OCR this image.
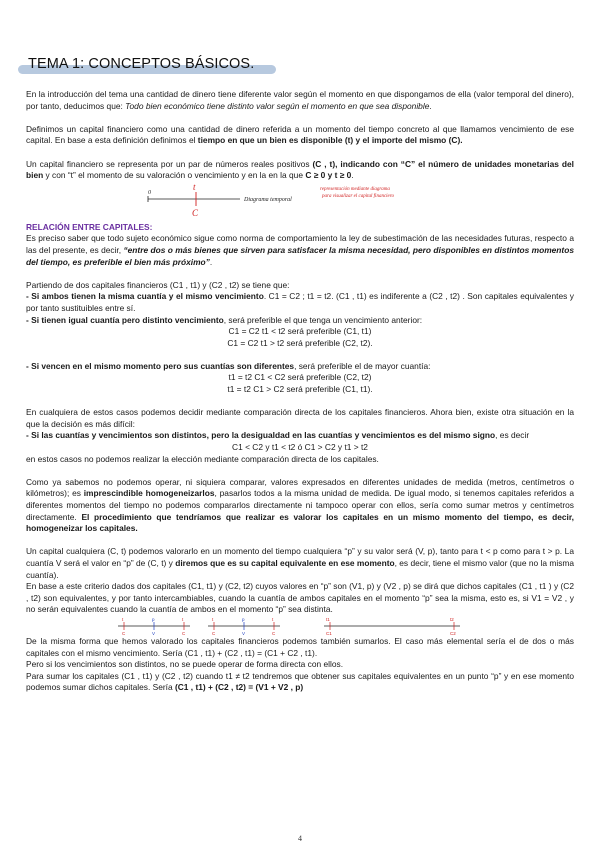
TEMA 1: CONCEPTOS BÁSICOS.

En la introducción del tema una cantidad de dinero tiene diferente valor según el momento en que dispongamos de ella (valor temporal del dinero), por tanto, deducimos que: Todo bien económico tiene distinto valor según el momento en que sea disponible.

Definimos un capital financiero como una cantidad de dinero referida a un momento del tiempo concreto al que llamamos vencimiento de ese capital. En base a esta definición definimos el tiempo en que un bien es disponible (t) y el importe del mismo (C).

Un capital financiero se representa por un par de números reales positivos (C , t), indicando con “C” el número de unidades monetarias del bien y con “t” el momento de su valoración o vencimiento y en la en la que C ≥ 0 y t ≥ 0.

0
t
C
Diagrama temporal
representación mediante diagrama
para visualizar el capital financiero

RELACIÓN ENTRE CAPITALES:

Es preciso saber que todo sujeto económico sigue como norma de comportamiento la ley de subestimación de las necesidades futuras, respecto a las del presente, es decir, “entre dos o más bienes que sirven para satisfacer la misma necesidad, pero disponibles en distintos momentos del tiempo, es preferible el bien más próximo”.

Partiendo de dos capitales financieros (C1 , t1) y (C2 , t2) se tiene que:

- Si ambos tienen la misma cuantía y el mismo vencimiento. C1 = C2 ; t1 = t2. (C1 , t1) es indiferente a (C2 , t2) . Son capitales equivalentes y por tanto sustituibles entre sí.

- Si tienen igual cuantía pero distinto vencimiento, será preferible el que tenga un vencimiento anterior:

C1 = C2 t1 < t2 será preferible (C1, t1)

C1 = C2 t1 > t2 será preferible (C2, t2).

- Si vencen en el mismo momento pero sus cuantías son diferentes, será preferible el de mayor cuantía:

t1 = t2 C1 < C2 será preferible (C2, t2)

t1 = t2 C1 > C2 será preferible (C1, t1).

En cualquiera de estos casos podemos decidir mediante comparación directa de los capitales financieros. Ahora bien, existe otra situación en la que la decisión es más difícil:

- Si las cuantías y vencimientos son distintos, pero la desigualdad en las cuantías y vencimientos es del mismo signo, es decir

C1 < C2 y t1 < t2 ó C1 > C2 y t1 > t2

en estos casos no podemos realizar la elección mediante comparación directa de los capitales.

Como ya sabemos no podemos operar, ni siquiera comparar, valores expresados en diferentes unidades de medida (metros, centímetros o kilómetros); es imprescindible homogeneizarlos, pasarlos todos a la misma unidad de medida. De igual modo, si tenemos capitales referidos a diferentes momentos del tiempo no podemos compararlos directamente ni tampoco operar con ellos, sería como sumar metros y centímetros directamente. El procedimiento que tendríamos que realizar es valorar los capitales en un mismo momento del tiempo, es decir, homogeneizar los capitales.

Un capital cualquiera (C, t) podemos valorarlo en un momento del tiempo cualquiera “p” y su valor será (V, p), tanto para t < p como para t > p. La cuantía V será el valor en “p” de (C, t) y diremos que es su capital equivalente en ese momento, es decir, tiene el mismo valor (que no la misma cuantía).

En base a este criterio dados dos capitales (C1, t1) y (C2, t2) cuyos valores en “p” son (V1, p) y (V2 , p) se dirá que dichos capitales (C1 , t1 ) y (C2 , t2) son equivalentes, y por tanto intercambiables, cuando la cuantía de ambos capitales en el momento “p” sea la misma, esto es, si V1 = V2 , y no serán equivalentes cuando la cuantía de ambos en el momento “p” sea distinta.

t	p	t
C	V	C
t	p	t
C	V	C
t1	t2
C1	C2

De la misma forma que hemos valorado los capitales financieros podemos también sumarlos. El caso más elemental sería el de dos o más capitales con el mismo vencimiento. Sería (C1 , t1) + (C2 , t1) = (C1 + C2 , t1).

Pero si los vencimientos son distintos, no se puede operar de forma directa con ellos.

Para sumar los capitales (C1 , t1) y (C2 , t2) cuando t1 ≠ t2 tendremos que obtener sus capitales equivalentes en un punto “p” y en ese momento podemos sumar dichos capitales. Sería (C1 , t1) + (C2 , t2) = (V1 + V2 , p)

4
